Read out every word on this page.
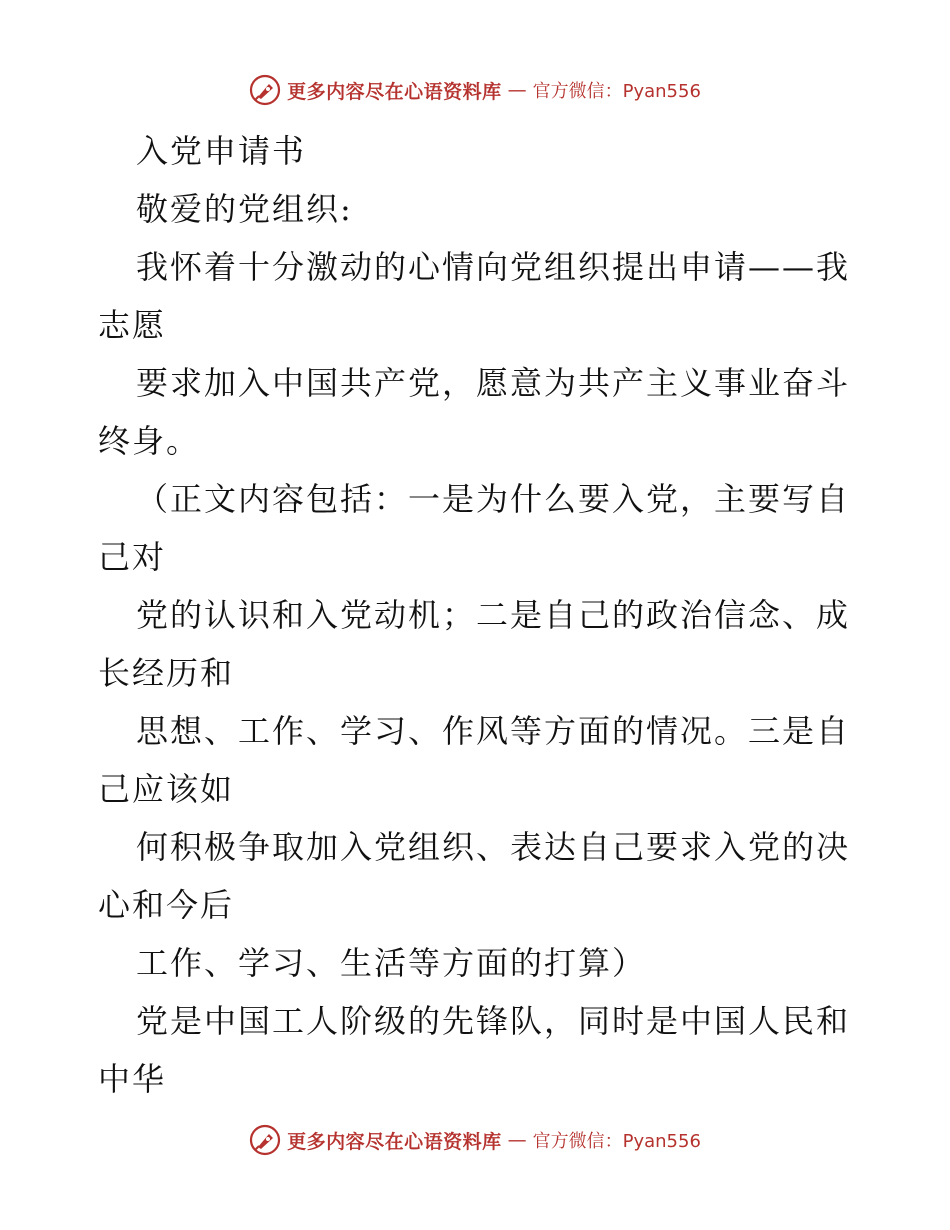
更多内容尽在心语资料库 — 官方微信：Pyan556
入党申请书
敬爱的党组织:
我怀着十分激动的心情向党组织提出申请——我
志愿
要求加入中国共产党，愿意为共产主义事业奋斗
终身。
（正文内容包括：一是为什么要入党，主要写自
己对
党的认识和入党动机；二是自己的政治信念、成
长经历和
思想、工作、学习、作风等方面的情况。三是自
己应该如
何积极争取加入党组织、表达自己要求入党的决
心和今后
工作、学习、生活等方面的打算）
党是中国工人阶级的先锋队，同时是中国人民和
中华
更多内容尽在心语资料库 — 官方微信：Pyan556
